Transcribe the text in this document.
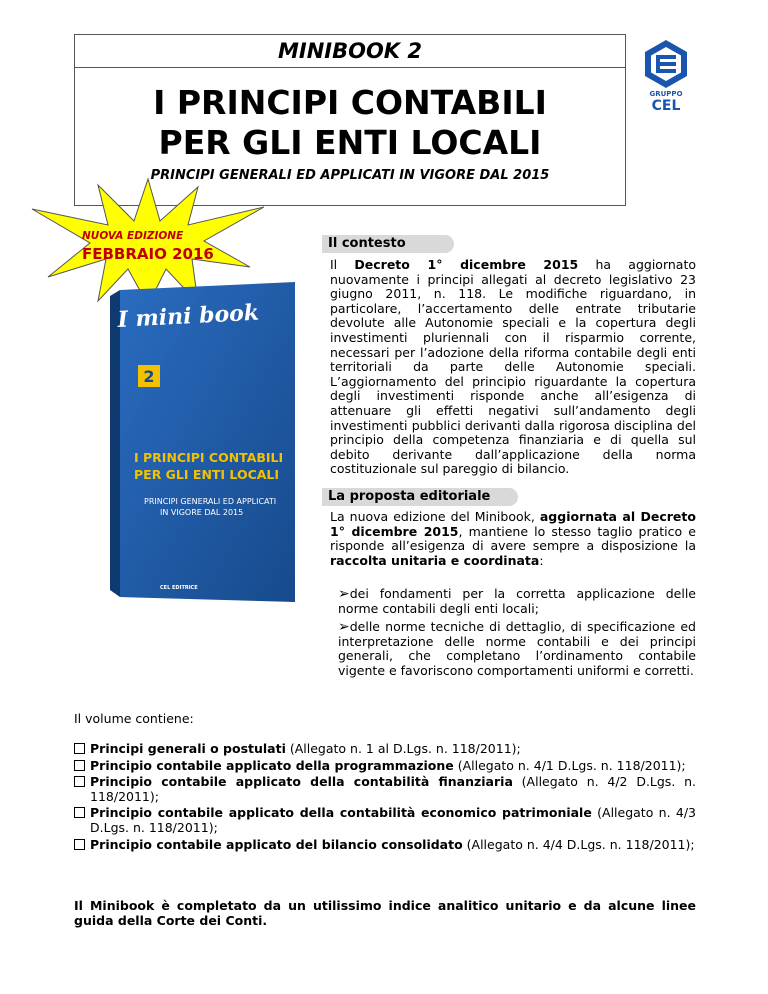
MINIBOOK 2
I PRINCIPI CONTABILI
PER GLI ENTI LOCALI
PRINCIPI GENERALI ED APPLICATI IN VIGORE DAL 2015
GRUPPO
CEL
NUOVA EDIZIONE
FEBBRAIO 2016
I mini book
2
I PRINCIPI CONTABILI
PER GLI ENTI LOCALI
PRINCIPI GENERALI ED APPLICATI
IN VIGORE DAL 2015
CEL EDITRICE
Il contesto
Il Decreto 1° dicembre 2015 ha aggiornato nuovamente i principi allegati al decreto legislativo 23 giugno 2011, n. 118. Le modifiche riguardano, in particolare, l’accertamento delle entrate tributarie devolute alle Autonomie speciali e la copertura degli investimenti pluriennali con il risparmio corrente, necessari per l’adozione della riforma contabile degli enti territoriali da parte delle Autonomie speciali. L’aggiornamento del principio riguardante la copertura degli investimenti risponde anche all’esigenza di attenuare gli effetti negativi sull’andamento degli investimenti pubblici derivanti dalla rigorosa disciplina del principio della competenza finanziaria e di quella sul debito derivante dall’applicazione della norma costituzionale sul pareggio di bilancio.
La proposta editoriale
La nuova edizione del Minibook, aggiornata al Decreto 1° dicembre 2015, mantiene lo stesso taglio pratico e risponde all’esigenza di avere sempre a disposizione la raccolta unitaria e coordinata:
➢dei fondamenti per la corretta applicazione delle norme contabili degli enti locali;
➢delle norme tecniche di dettaglio, di specificazione ed interpretazione delle norme contabili e dei principi generali, che completano l’ordinamento contabile vigente e favoriscono comportamenti uniformi e corretti.
Il volume contiene:
Principi generali o postulati (Allegato n. 1 al D.Lgs. n. 118/2011);
Principio contabile applicato della programmazione (Allegato n. 4/1 D.Lgs. n. 118/2011);
Principio contabile applicato della contabilità finanziaria (Allegato n. 4/2 D.Lgs. n. 118/2011);
Principio contabile applicato della contabilità economico patrimoniale (Allegato n. 4/3 D.Lgs. n. 118/2011);
Principio contabile applicato del bilancio consolidato (Allegato n. 4/4 D.Lgs. n. 118/2011);
Il Minibook è completato da un utilissimo indice analitico unitario e da alcune linee guida della Corte dei Conti.
